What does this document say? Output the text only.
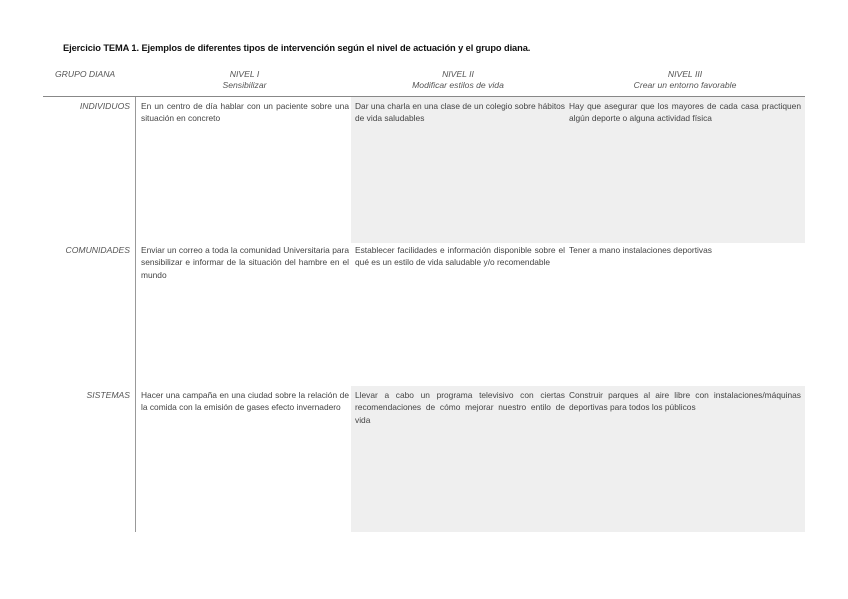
Ejercicio TEMA 1. Ejemplos de diferentes tipos de intervención según el nivel de actuación y el grupo diana.
GRUPO DIANA	NIVEL I
Sensibilizar
NIVEL II
Modificar estilos de vida
NIVEL III
Crear un entorno favorable
INDIVIDUOS En un centro de día hablar con un paciente sobre una situación en concreto
Dar una charla en una clase de un colegio sobre hábitos de vida saludables
Hay que asegurar que los mayores de cada casa practiquen algún deporte o alguna actividad física
COMUNIDADES Enviar un correo a toda la comunidad Universitaria para sensibilizar e informar de la situación del hambre en el mundo
Establecer facilidades e información disponible sobre el qué es un estilo de vida saludable y/o recomendable
Tener a mano instalaciones deportivas
SISTEMAS Hacer una campaña en una ciudad sobre la relación de la comida con la emisión de gases efecto invernadero
Llevar a cabo un programa televisivo con ciertas recomendaciones de cómo mejorar nuestro entilo de vida
Construir parques al aire libre con instalaciones/máquinas deportivas para todos los públicos
